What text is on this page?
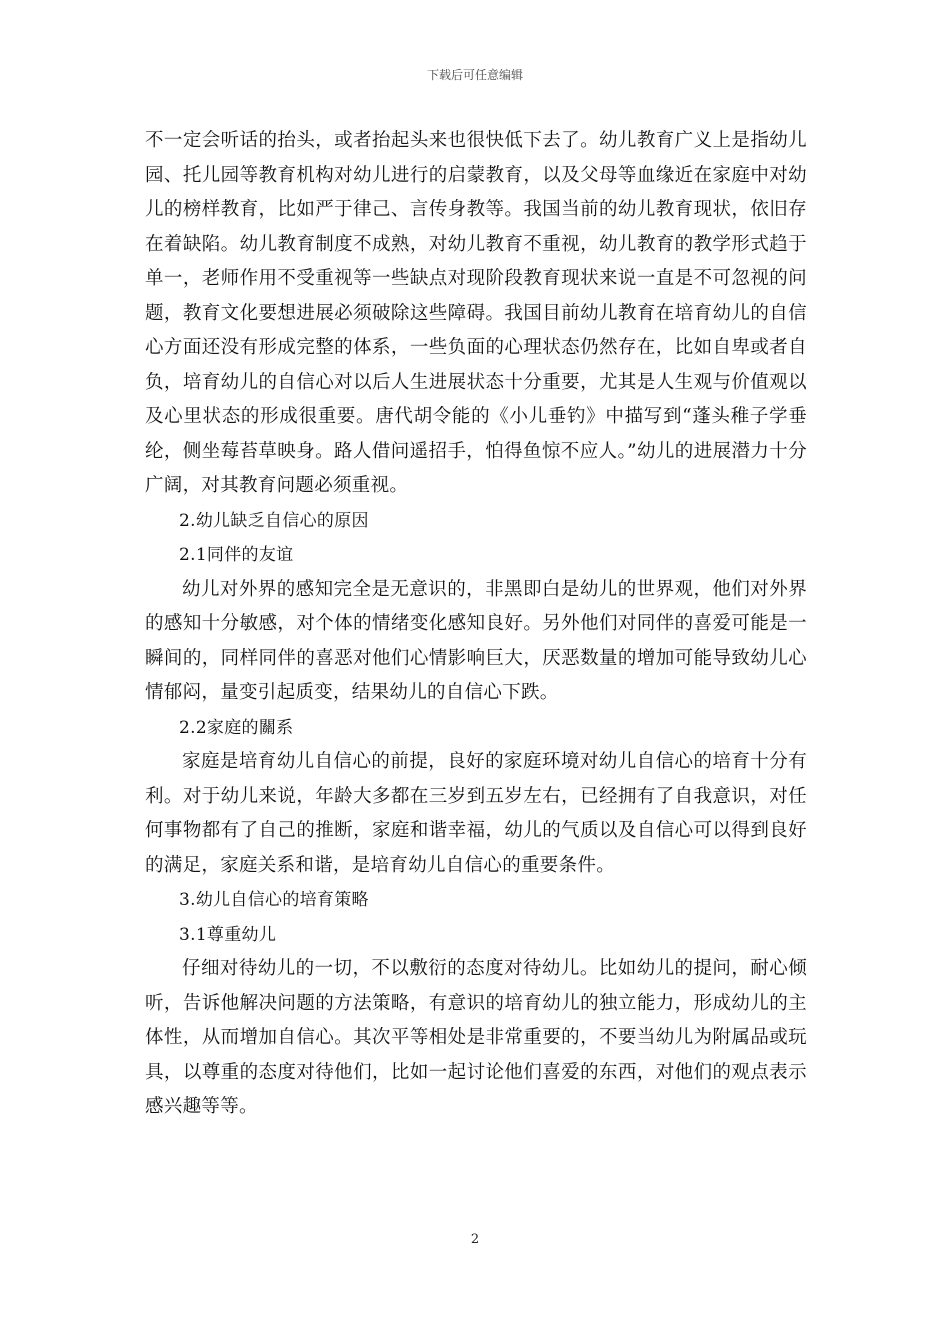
下载后可任意编辑

不一定会听话的抬头，或者抬起头来也很快低下去了。幼儿教育广义上是指幼儿园、托儿园等教育机构对幼儿进行的启蒙教育，以及父母等血缘近在家庭中对幼儿的榜样教育，比如严于律己、言传身教等。我国当前的幼儿教育现状，依旧存在着缺陷。幼儿教育制度不成熟，对幼儿教育不重视，幼儿教育的教学形式趋于单一，老师作用不受重视等一些缺点对现阶段教育现状来说一直是不可忽视的问题，教育文化要想进展必须破除这些障碍。我国目前幼儿教育在培育幼儿的自信心方面还没有形成完整的体系，一些负面的心理状态仍然存在，比如自卑或者自负，培育幼儿的自信心对以后人生进展状态十分重要，尤其是人生观与价值观以及心里状态的形成很重要。唐代胡令能的《小儿垂钓》中描写到“蓬头稚子学垂纶，侧坐莓苔草映身。路人借问遥招手，怕得鱼惊不应人。”幼儿的进展潜力十分广阔，对其教育问题必须重视。

2.幼儿缺乏自信心的原因

2.1同伴的友谊

幼儿对外界的感知完全是无意识的，非黑即白是幼儿的世界观，他们对外界的感知十分敏感，对个体的情绪变化感知良好。另外他们对同伴的喜爱可能是一瞬间的，同样同伴的喜恶对他们心情影响巨大，厌恶数量的增加可能导致幼儿心情郁闷，量变引起质变，结果幼儿的自信心下跌。

2.2家庭的關系

家庭是培育幼儿自信心的前提，良好的家庭环境对幼儿自信心的培育十分有利。对于幼儿来说，年龄大多都在三岁到五岁左右，已经拥有了自我意识，对任何事物都有了自己的推断，家庭和谐幸福，幼儿的气质以及自信心可以得到良好的满足，家庭关系和谐，是培育幼儿自信心的重要条件。

3.幼儿自信心的培育策略

3.1尊重幼儿

仔细对待幼儿的一切，不以敷衍的态度对待幼儿。比如幼儿的提问，耐心倾听，告诉他解决问题的方法策略，有意识的培育幼儿的独立能力，形成幼儿的主体性，从而增加自信心。其次平等相处是非常重要的，不要当幼儿为附属品或玩具，以尊重的态度对待他们，比如一起讨论他们喜爱的东西，对他们的观点表示感兴趣等等。

2
